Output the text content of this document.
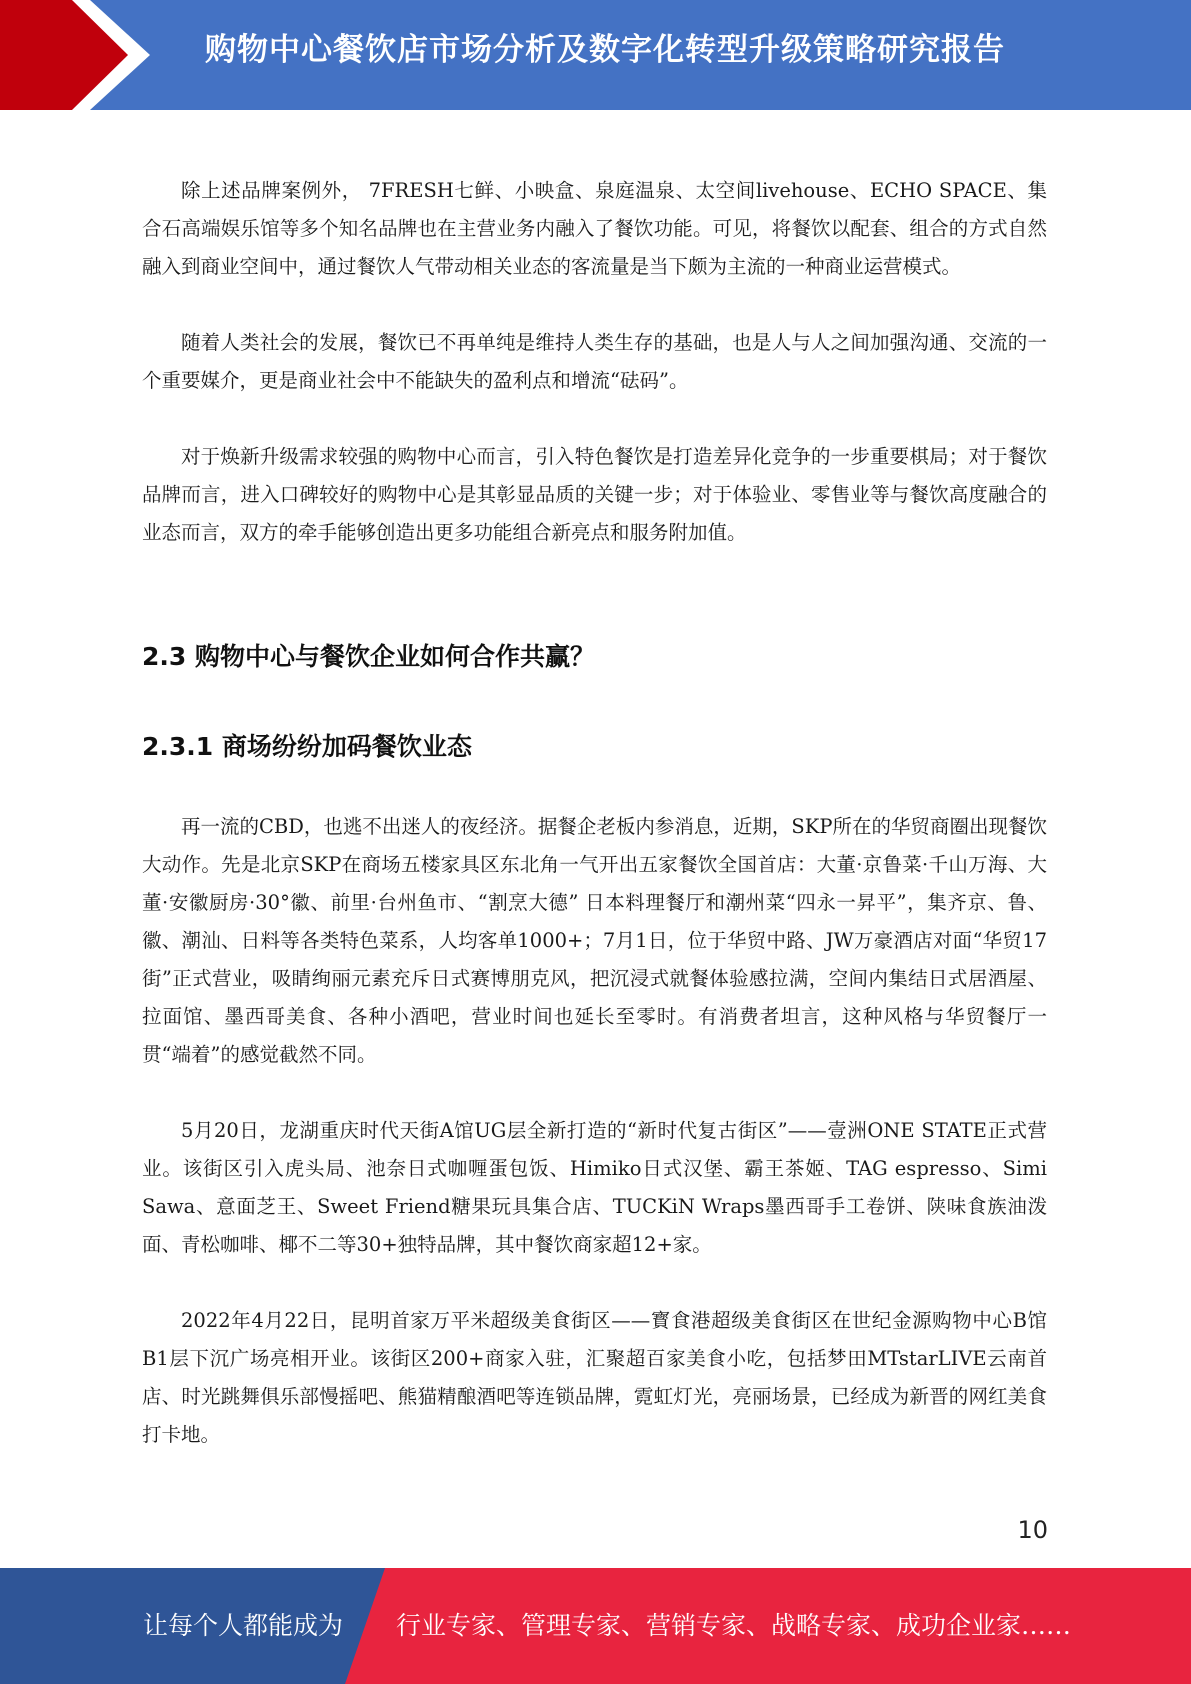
购物中心餐饮店市场分析及数字化转型升级策略研究报告

除上述品牌案例外， 7FRESH七鲜、小映盒、泉庭温泉、太空间livehouse、ECHO SPACE、集合石高端娱乐馆等多个知名品牌也在主营业务内融入了餐饮功能。可见，将餐饮以配套、组合的方式自然融入到商业空间中，通过餐饮人气带动相关业态的客流量是当下颇为主流的一种商业运营模式。

随着人类社会的发展，餐饮已不再单纯是维持人类生存的基础，也是人与人之间加强沟通、交流的一个重要媒介，更是商业社会中不能缺失的盈利点和增流“砝码”。

对于焕新升级需求较强的购物中心而言，引入特色餐饮是打造差异化竞争的一步重要棋局；对于餐饮品牌而言，进入口碑较好的购物中心是其彰显品质的关键一步；对于体验业、零售业等与餐饮高度融合的业态而言，双方的牵手能够创造出更多功能组合新亮点和服务附加值。

2.3 购物中心与餐饮企业如何合作共赢？
2.3.1 商场纷纷加码餐饮业态

再一流的CBD，也逃不出迷人的夜经济。据餐企老板内参消息，近期，SKP所在的华贸商圈出现餐饮大动作。先是北京SKP在商场五楼家具区东北角一气开出五家餐饮全国首店：大董·京鲁菜·千山万海、大董·安徽厨房·30°徽、前里·台州鱼市、“割烹大德” 日本料理餐厅和潮州菜“四永一昇平”，集齐京、鲁、徽、潮汕、日料等各类特色菜系，人均客单1000+；7月1日，位于华贸中路、JW万豪酒店对面“华贸17街”正式营业，吸睛绚丽元素充斥日式赛博朋克风，把沉浸式就餐体验感拉满，空间内集结日式居酒屋、拉面馆、墨西哥美食、各种小酒吧，营业时间也延长至零时。有消费者坦言，这种风格与华贸餐厅一贯“端着”的感觉截然不同。

5月20日，龙湖重庆时代天街A馆UG层全新打造的“新时代复古街区”——壹洲ONE STATE正式营业。该街区引入虎头局、池奈日式咖喱蛋包饭、Himiko日式汉堡、霸王茶姬、TAG espresso、Simi Sawa、意面芝王、Sweet Friend糖果玩具集合店、TUCKiN Wraps墨西哥手工卷饼、陕味食族油泼面、青松咖啡、椰不二等30+独特品牌，其中餐饮商家超12+家。

2022年4月22日，昆明首家万平米超级美食街区——寳食港超级美食街区在世纪金源购物中心B馆B1层下沉广场亮相开业。该街区200+商家入驻，汇聚超百家美食小吃，包括梦田MTstarLIVE云南首店、时光跳舞俱乐部慢摇吧、熊猫精酿酒吧等连锁品牌，霓虹灯光，亮丽场景，已经成为新晋的网红美食打卡地。

10
让每个人都能成为 行业专家、管理专家、营销专家、战略专家、成功企业家……
